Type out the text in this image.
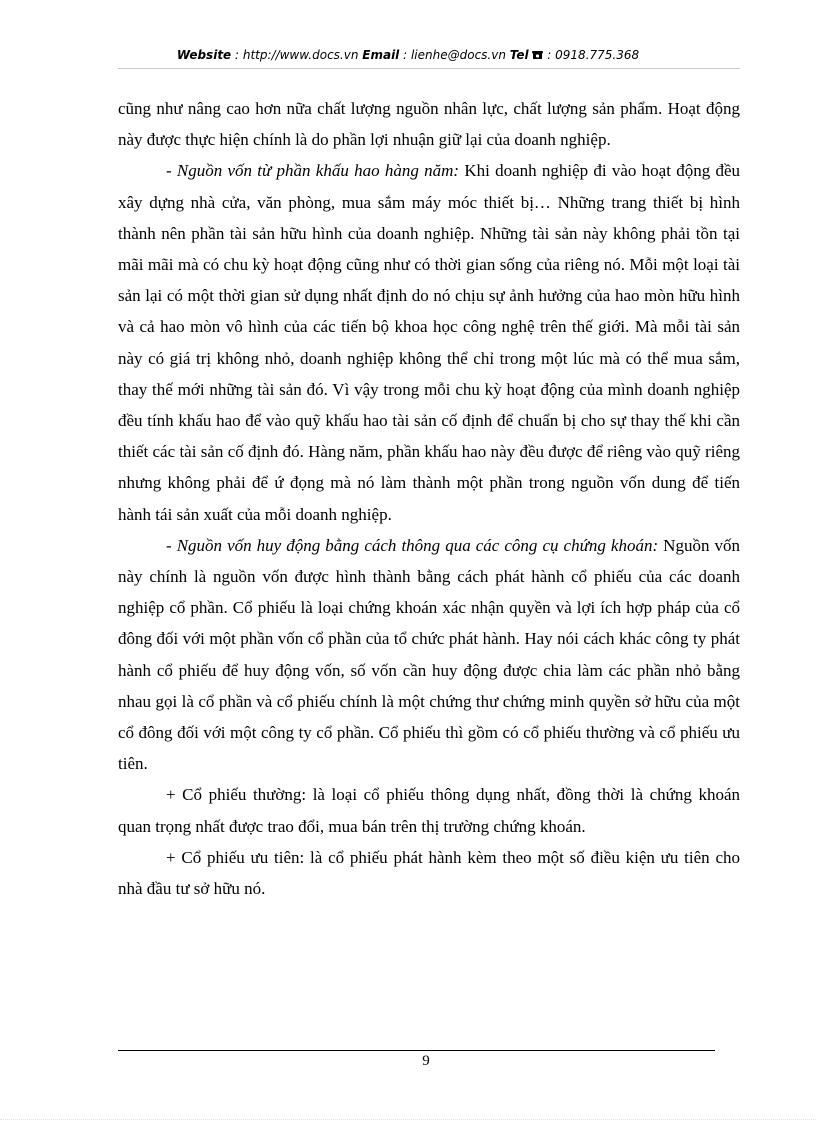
Website : http://www.docs.vn Email : lienhe@docs.vn Tel  : 0918.775.368

cũng như nâng cao hơn nữa chất lượng nguồn nhân lực, chất lượng sản phẩm. Hoạt động này được thực hiện chính là do phần lợi nhuận giữ lại của doanh nghiệp.

- Nguồn vốn từ phần khấu hao hàng năm: Khi doanh nghiệp đi vào hoạt động đều xây dựng nhà cửa, văn phòng, mua sắm máy móc thiết bị… Những trang thiết bị hình thành nên phần tài sản hữu hình của doanh nghiệp. Những tài sản này không phải tồn tại mãi mãi mà có chu kỳ hoạt động cũng như có thời gian sống của riêng nó. Mỗi một loại tài sản lại có một thời gian sử dụng nhất định do nó chịu sự ảnh hưởng của hao mòn hữu hình và cả hao mòn vô hình của các tiến bộ khoa học công nghệ trên thế giới. Mà mỗi tài sản này có giá trị không nhỏ, doanh nghiệp không thể chỉ trong một lúc mà có thể mua sắm, thay thế mới những tài sản đó. Vì vậy trong mỗi chu kỳ hoạt động của mình doanh nghiệp đều tính khấu hao để vào quỹ khấu hao tài sản cố định để chuẩn bị cho sự thay thế khi cần thiết các tài sản cố định đó. Hàng năm, phần khấu hao này đều được để riêng vào quỹ riêng nhưng không phải để ứ đọng mà nó làm thành một phần trong nguồn vốn dung để tiến hành tái sản xuất của mỗi doanh nghiệp.

- Nguồn vốn huy động bằng cách thông qua các công cụ chứng khoán: Nguồn vốn này chính là nguồn vốn được hình thành bằng cách phát hành cổ phiếu của các doanh nghiệp cổ phần. Cổ phiếu là loại chứng khoán xác nhận quyền và lợi ích hợp pháp của cổ đông đối với một phần vốn cổ phần của tổ chức phát hành. Hay nói cách khác công ty phát hành cổ phiếu để huy động vốn, số vốn cần huy động được chia làm các phần nhỏ bằng nhau gọi là cổ phần và cổ phiếu chính là một chứng thư chứng minh quyền sở hữu của một cổ đông đối với một công ty cổ phần. Cổ phiếu thì gồm có cổ phiếu thường và cổ phiếu ưu tiên.

+ Cổ phiếu thường: là loại cổ phiếu thông dụng nhất, đồng thời là chứng khoán quan trọng nhất được trao đổi, mua bán trên thị trường chứng khoán.

+ Cổ phiếu ưu tiên: là cổ phiếu phát hành kèm theo một số điều kiện ưu tiên cho nhà đầu tư sở hữu nó.

9
